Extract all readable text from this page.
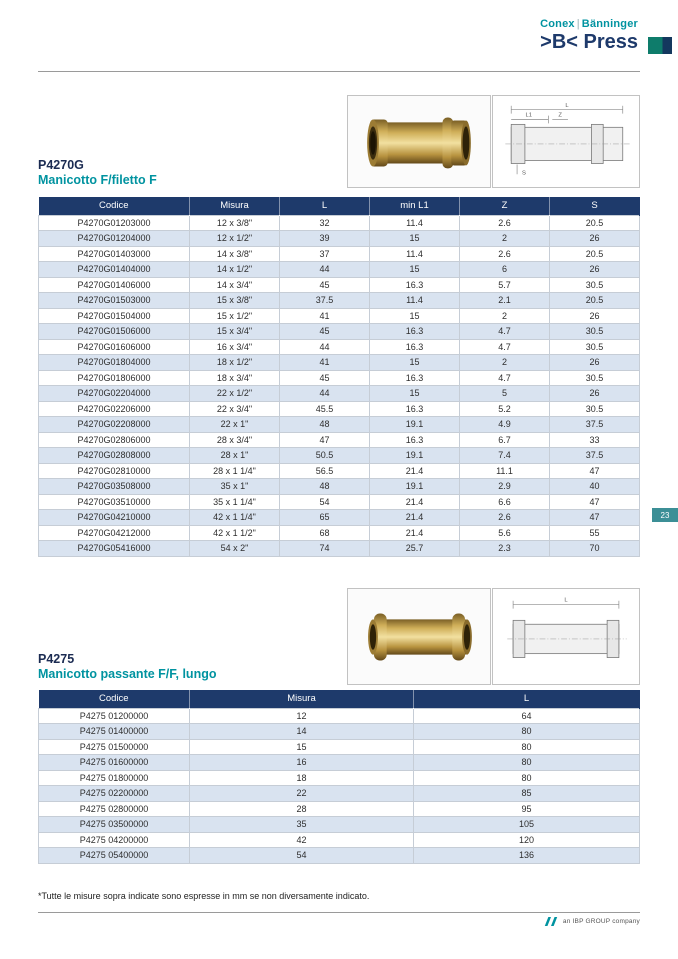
Conex | Bänninger
>B< Press
L
L1	Z
S
P4270G
Manicotto F/filetto F
Codice	Misura	L	min L1	Z	S
P4270G01203000	12 x 3/8"	32	11.4	2.6	20.5
P4270G01204000	12 x 1/2"	39	15	2	26
P4270G01403000	14 x 3/8"	37	11.4	2.6	20.5
P4270G01404000	14 x 1/2"	44	15	6	26
P4270G01406000	14 x 3/4"	45	16.3	5.7	30.5
P4270G01503000	15 x 3/8"	37.5	11.4	2.1	20.5
P4270G01504000	15 x 1/2"	41	15	2	26
P4270G01506000	15 x 3/4"	45	16.3	4.7	30.5
P4270G01606000	16 x 3/4"	44	16.3	4.7	30.5
P4270G01804000	18 x 1/2"	41	15	2	26
P4270G01806000	18 x 3/4"	45	16.3	4.7	30.5
P4270G02204000	22 x 1/2"	44	15	5	26
P4270G02206000	22 x 3/4"	45.5	16.3	5.2	30.5
P4270G02208000	22 x 1"	48	19.1	4.9	37.5
P4270G02806000	28 x 3/4"	47	16.3	6.7	33
P4270G02808000	28 x 1"	50.5	19.1	7.4	37.5
P4270G02810000	28 x 1 1/4"	56.5	21.4	11.1	47
P4270G03508000	35 x 1"	48	19.1	2.9	40
P4270G03510000	35 x 1 1/4"	54	21.4	6.6	47
P4270G04210000	42 x 1 1/4"	65	21.4	2.6	47
P4270G04212000	42 x 1 1/2"	68	21.4	5.6	55
P4270G05416000	54 x 2"	74	25.7	2.3	70
23
L
P4275
Manicotto passante F/F, lungo
Codice	Misura	L
P4275 01200000	12	64
P4275 01400000	14	80
P4275 01500000	15	80
P4275 01600000	16	80
P4275 01800000	18	80
P4275 02200000	22	85
P4275 02800000	28	95
P4275 03500000	35	105
P4275 04200000	42	120
P4275 05400000	54	136
*Tutte le misure sopra indicate sono espresse in mm se non diversamente indicato.
an IBP GROUP company
